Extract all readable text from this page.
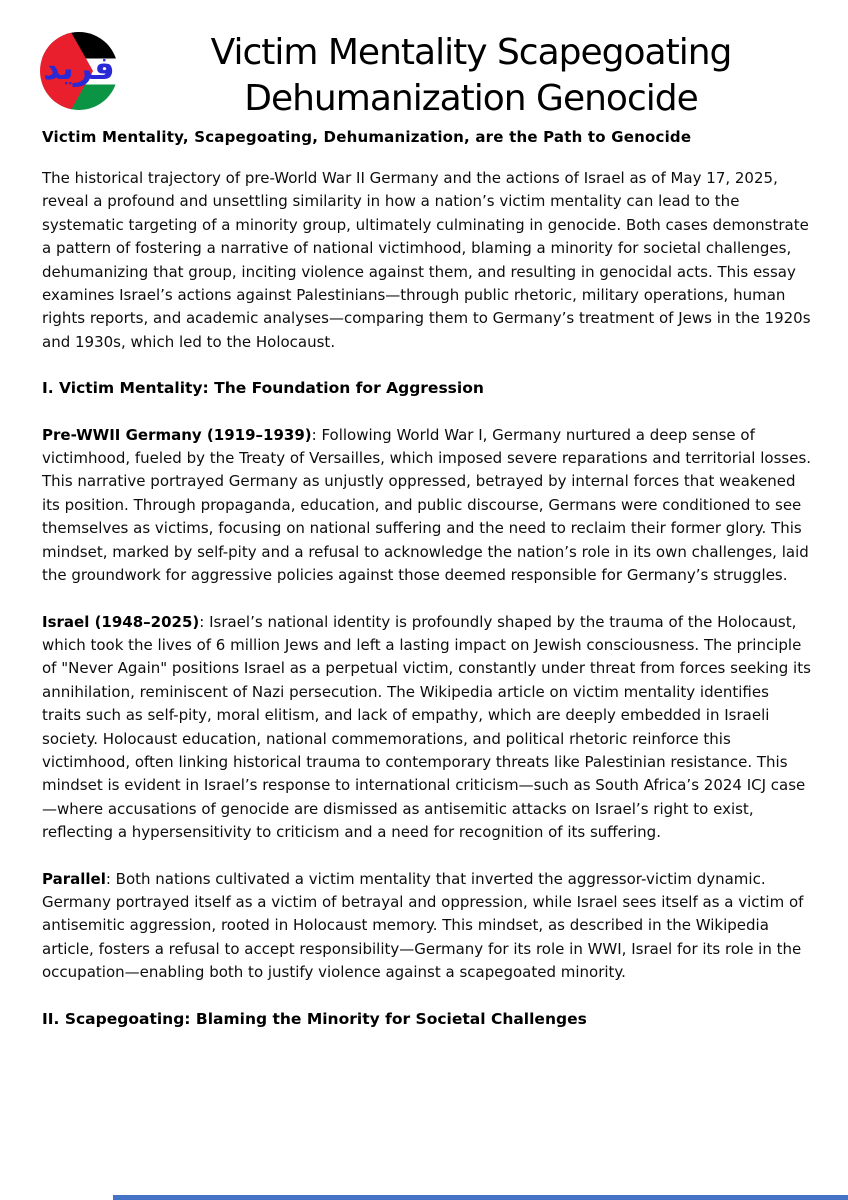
فريد	Victim Mentality Scapegoating
Dehumanization Genocide
Victim Mentality, Scapegoating, Dehumanization, are the Path to Genocide

The historical trajectory of pre-World War II Germany and the actions of Israel as of May 17, 2025, reveal a profound and unsettling similarity in how a nation’s victim mentality can lead to the systematic targeting of a minority group, ultimately culminating in genocide. Both cases demonstrate a pattern of fostering a narrative of national victimhood, blaming a minority for societal challenges, dehumanizing that group, inciting violence against them, and resulting in genocidal acts. This essay examines Israel’s actions against Palestinians—through public rhetoric, military operations, human rights reports, and academic analyses—comparing them to Germany’s treatment of Jews in the 1920s and 1930s, which led to the Holocaust.

I. Victim Mentality: The Foundation for Aggression

Pre-WWII Germany (1919–1939): Following World War I, Germany nurtured a deep sense of victimhood, fueled by the Treaty of Versailles, which imposed severe reparations and territorial losses. This narrative portrayed Germany as unjustly oppressed, betrayed by internal forces that weakened its position. Through propaganda, education, and public discourse, Germans were conditioned to see themselves as victims, focusing on national suffering and the need to reclaim their former glory. This mindset, marked by self-pity and a refusal to acknowledge the nation’s role in its own challenges, laid the groundwork for aggressive policies against those deemed responsible for Germany’s struggles.

Israel (1948–2025): Israel’s national identity is profoundly shaped by the trauma of the Holocaust, which took the lives of 6 million Jews and left a lasting impact on Jewish consciousness. The principle of "Never Again" positions Israel as a perpetual victim, constantly under threat from forces seeking its annihilation, reminiscent of Nazi persecution. The Wikipedia article on victim mentality identifies traits such as self-pity, moral elitism, and lack of empathy, which are deeply embedded in Israeli society. Holocaust education, national commemorations, and political rhetoric reinforce this victimhood, often linking historical trauma to contemporary threats like Palestinian resistance. This mindset is evident in Israel’s response to international criticism—such as South Africa’s 2024 ICJ case—where accusations of genocide are dismissed as antisemitic attacks on Israel’s right to exist, reflecting a hypersensitivity to criticism and a need for recognition of its suffering.

Parallel: Both nations cultivated a victim mentality that inverted the aggressor-victim dynamic. Germany portrayed itself as a victim of betrayal and oppression, while Israel sees itself as a victim of antisemitic aggression, rooted in Holocaust memory. This mindset, as described in the Wikipedia article, fosters a refusal to accept responsibility—Germany for its role in WWI, Israel for its role in the occupation—enabling both to justify violence against a scapegoated minority.

II. Scapegoating: Blaming the Minority for Societal Challenges
